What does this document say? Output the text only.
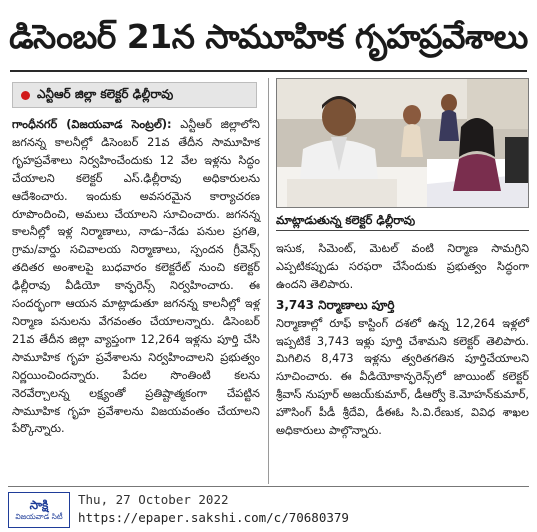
డిసెంబర్ 21న సామూహిక గృహప్రవేశాలు
ఎన్టీఆర్ జిల్లా కలెక్టర్ ఢిల్లీరావు

గాంధీనగర్ (విజయవాడ సెంట్రల్): ఎన్టీఆర్ జిల్లాలోని జగనన్న కాలనీల్లో డిసెంబర్ 21వ తేదీన సామూహిక గృహప్రవేశాలు నిర్వహించేందుకు 12 వేల ఇళ్లను సిద్ధం చేయాలని కలెక్టర్ ఎస్.ఢిల్లీరావు అధికారులను ఆదేశించారు. ఇందుకు అవసరమైన కార్యాచరణ రూపొందించి, అమలు చేయాలని సూచించారు. జగనన్న కాలనీల్లో ఇళ్ల నిర్మాణాలు, నాడు–నేడు పనుల ప్రగతి, గ్రామ/వార్డు సచివాలయ నిర్మాణాలు, స్పందన గ్రీవెన్స్ తదితర అంశాలపై బుధవారం కలెక్టరేట్ నుంచి కలెక్టర్ ఢిల్లీరావు వీడియో కాన్ఫరెన్స్ నిర్వహించారు. ఈ సందర్భంగా ఆయన మాట్లాడుతూ జగనన్న కాలనీల్లో ఇళ్ల నిర్మాణ పనులను వేగవంతం చేయాలన్నారు. డిసెంబర్ 21వ తేదీన జిల్లా వ్యాప్తంగా 12,264 ఇళ్లను పూర్తి చేసి సామూహిక గృహ ప్రవేశాలను నిర్వహించాలని ప్రభుత్వం నిర్ణయించిందన్నారు. పేదల సొంతింటి కలను నెరవేర్చాలన్న లక్ష్యంతో ప్రతిష్టాత్మకంగా చేపట్టిన సామూహిక గృహ ప్రవేశాలను విజయవంతం చేయాలని పేర్కొన్నారు.

మాట్లాడుతున్న కలెక్టర్ ఢిల్లీరావు

ఇసుక, సిమెంట్, మెటల్ వంటి నిర్మాణ సామగ్రిని ఎప్పటికప్పుడు సరఫరా చేసేందుకు ప్రభుత్వం సిద్ధంగా ఉందని తెలిపారు.

3,743 నిర్మాణాలు పూర్తి

నిర్మాణాల్లో రూఫ్ కాస్టింగ్ దశలో ఉన్న 12,264 ఇళ్లలో ఇప్పటికే 3,743 ఇళ్లు పూర్తి చేశామని కలెక్టర్ తెలిపారు. మిగిలిన 8,473 ఇళ్లను త్వరితగతిన పూర్తిచేయాలని సూచించారు. ఈ వీడియోకాన్ఫరెన్స్‌లో జాయింట్ కలెక్టర్ శ్రీవాస్ నుపూర్ అజయ్‌కుమార్, డీఆర్వో కె.మోహన్‌కుమార్, హౌసింగ్ పీడీ శ్రీదేవి, డీఈఓ సి.వి.రేణుక, వివిధ శాఖల అధికారులు పాల్గొన్నారు.

సాక్షి
విజయవాడ సిటీ
Thu, 27 October 2022
https://epaper.sakshi.com/c/70680379
